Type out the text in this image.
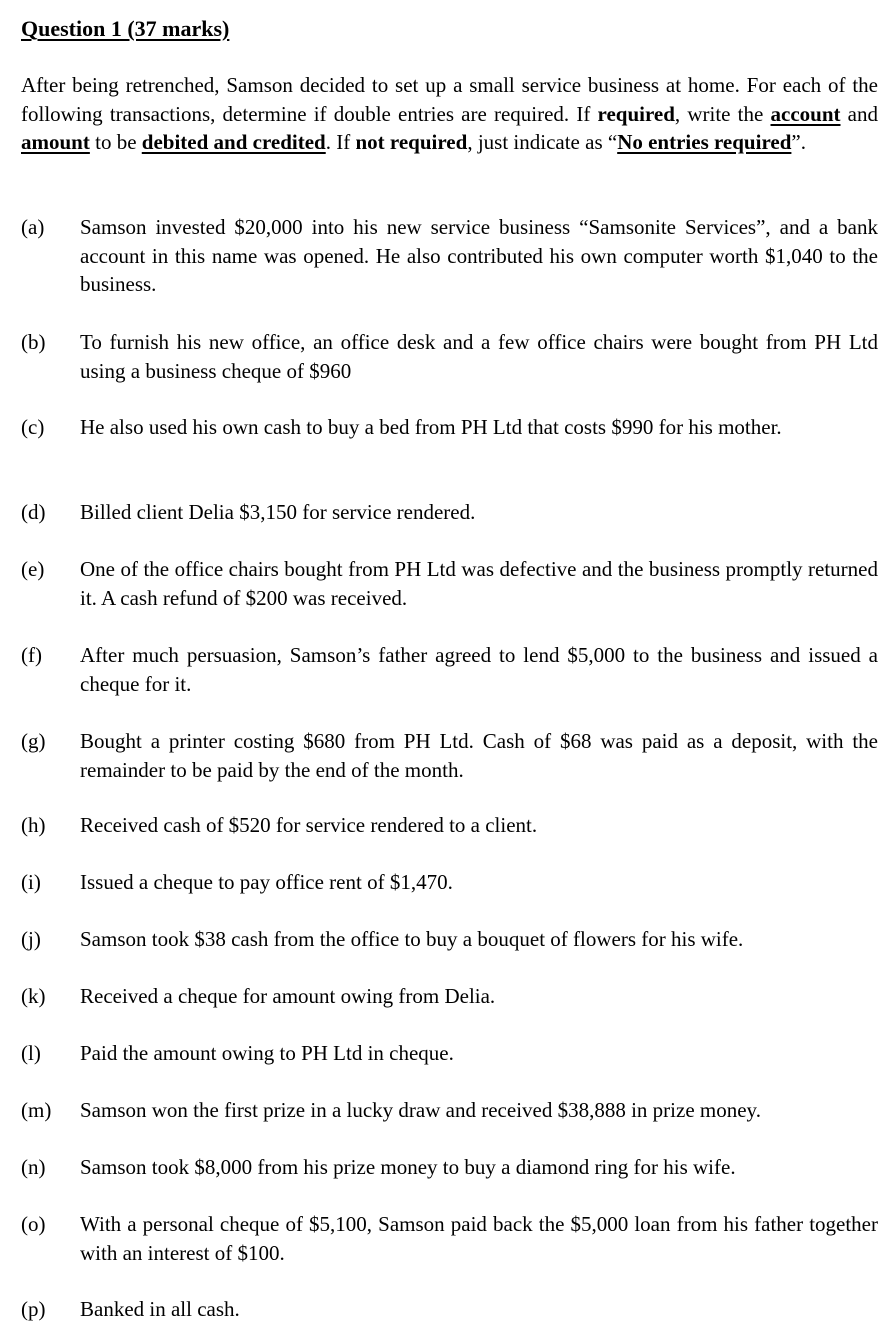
Question 1 (37 marks)
After being retrenched, Samson decided to set up a small service business at home. For each of the following transactions, determine if double entries are required. If required, write the account and amount to be debited and credited. If not required, just indicate as “No entries required”.
(a) Samson invested $20,000 into his new service business “Samsonite Services”, and a bank account in this name was opened. He also contributed his own computer worth $1,040 to the business.
(b) To furnish his new office, an office desk and a few office chairs were bought from PH Ltd using a business cheque of $960
(c) He also used his own cash to buy a bed from PH Ltd that costs $990 for his mother.
(d) Billed client Delia $3,150 for service rendered.
(e) One of the office chairs bought from PH Ltd was defective and the business promptly returned it. A cash refund of $200 was received.
(f) After much persuasion, Samson’s father agreed to lend $5,000 to the business and issued a cheque for it.
(g) Bought a printer costing $680 from PH Ltd. Cash of $68 was paid as a deposit, with the remainder to be paid by the end of the month.
(h) Received cash of $520 for service rendered to a client.
(i) Issued a cheque to pay office rent of $1,470.
(j) Samson took $38 cash from the office to buy a bouquet of flowers for his wife.
(k) Received a cheque for amount owing from Delia.
(l) Paid the amount owing to PH Ltd in cheque.
(m) Samson won the first prize in a lucky draw and received $38,888 in prize money.
(n) Samson took $8,000 from his prize money to buy a diamond ring for his wife.
(o) With a personal cheque of $5,100, Samson paid back the $5,000 loan from his father together with an interest of $100.
(p) Banked in all cash.
